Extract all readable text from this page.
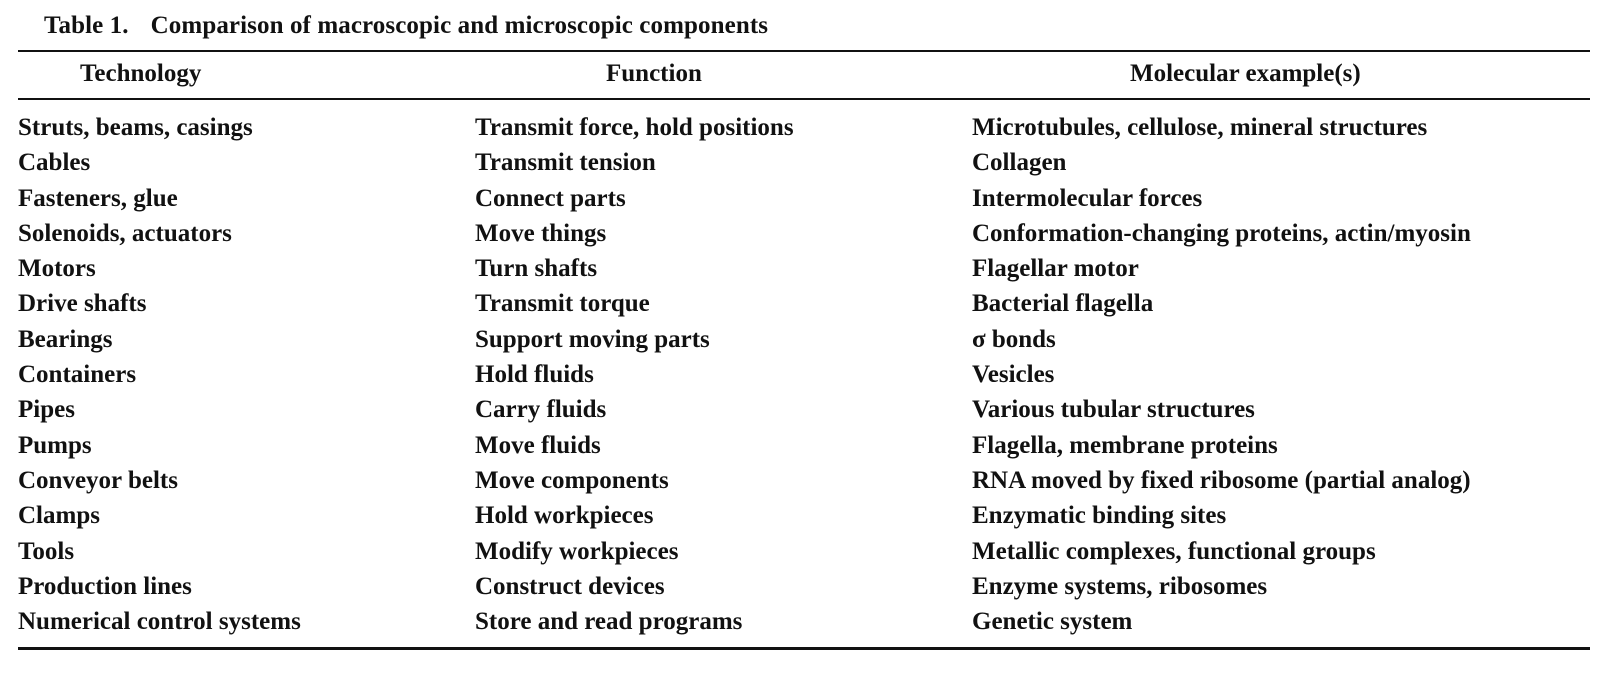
Table 1. Comparison of macroscopic and microscopic components
Technology	Function	Molecular example(s)
Struts, beams, casings	Transmit force, hold positions	Microtubules, cellulose, mineral structures
Cables	Transmit tension	Collagen
Fasteners, glue	Connect parts	Intermolecular forces
Solenoids, actuators	Move things	Conformation-changing proteins, actin/myosin
Motors	Turn shafts	Flagellar motor
Drive shafts	Transmit torque	Bacterial flagella
Bearings	Support moving parts	σ bonds
Containers	Hold fluids	Vesicles
Pipes	Carry fluids	Various tubular structures
Pumps	Move fluids	Flagella, membrane proteins
Conveyor belts	Move components	RNA moved by fixed ribosome (partial analog)
Clamps	Hold workpieces	Enzymatic binding sites
Tools	Modify workpieces	Metallic complexes, functional groups
Production lines	Construct devices	Enzyme systems, ribosomes
Numerical control systems	Store and read programs	Genetic system
